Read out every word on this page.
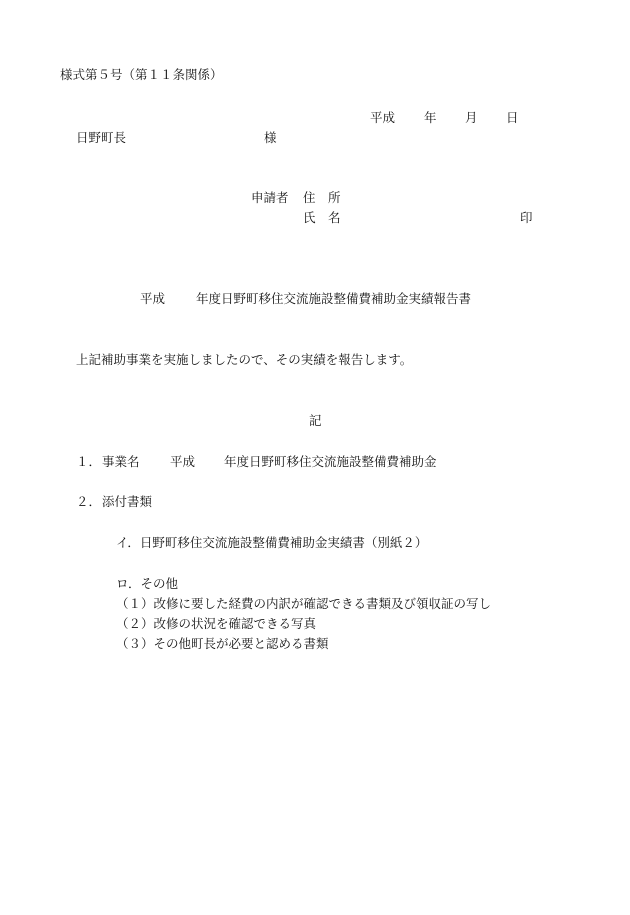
様式第５号（第１１条関係）
平成 年 月 日
日野町長	様
申請者 住　所
氏　名	印
平成 年度日野町移住交流施設整備費補助金実績報告書
上記補助事業を実施しましたので、その実績を報告します。
記
１． 事業名 平成 年度日野町移住交流施設整備費補助金
２． 添付書類
イ．日野町移住交流施設整備費補助金実績書（別紙２）
ロ．その他
（１）改修に要した経費の内訳が確認できる書類及び領収証の写し
（２）改修の状況を確認できる写真
（３）その他町長が必要と認める書類
